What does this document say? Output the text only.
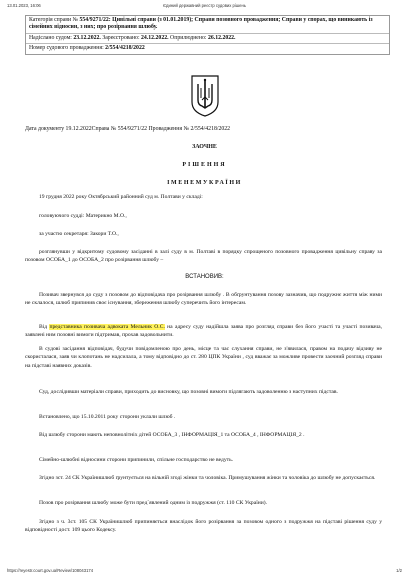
13.01.2023, 16:06	Єдиний державний реєстр судових рішень
Категорія справи № 554/9271/22: Цивільні справи (з 01.01.2019); Справи позовного провадження; Справи у спорах, що виникають із сімейних відносин, з них; про розірвання шлюбу.
Надіслано судом: 23.12.2022. Зареєстровано: 24.12.2022. Оприлюднено: 26.12.2022.
Номер судового провадження: 2/554/4218/2022
Дата документу 19.12.2022Справа № 554/9271/22 Провадження № 2/554/4218/2022
ЗАОЧНЕ
РІШЕННЯ
ІМЕНЕМУКРАЇНИ
19 грудня 2022 року Октябрський районний суд м. Полтави у складі:
головуючого судді: Материкно М.О.,
за участю секретаря: Закори Т.О.,
розглянувши у відкритому судовому засіданні в залі суду в м. Полтаві в порядку спрощеного позовного провадження цивільну справу за позовом ОСОБА_1 до ОСОБА_2 про розірвання шлюбу –
ВСТАНОВИВ:
Позивач звернувся до суду з позовом до відповідача про розірвання шлюбу . В обґрунтування позову зазначив, що подружнє життя між ними не склалося, шлюб припинив своє існування, збереження шлюбу суперечить його інтересам.
Від представника позивача адвоката Мельник О.С. на адресу суду надійшла заява про розгляд справи без його участі та участі позивача, заявлені ним позовні вимоги підтримав, прохав задовольнити.
В судові засідання відповідач, будучи повідомленою про день, місце та час слухання справи, не з'явилася, правом на подачу відзиву не скористалася, заяв чи клопотань не надсилала, а тому відповідно до ст. 280 ЦПК України , суд вважає за можливе провести заочний розгляд справи на підставі наявних доказів.
Суд, дослідивши матеріали справи, приходить до висновку, що позовні вимоги підлягають задоволенню з наступних підстав.
Встановлено, що 15.10.2011 року сторони уклали шлюб .
Від шлюбу сторони мають неповнолітніх дітей ОСОБА_3 , ІНФОРМАЦІЯ_1 та ОСОБА_4 , ІНФОРМАЦІЯ_2 .
Сімейно-шлюбні відносини сторони припинили, спільне господарство не ведуть.
Згідно зст. 24 СК Українишлюб ґрунтується на вільній згоді жінки та чоловіка. Примушування жінки та чоловіка до шлюбу не допускається.
Позов про розірвання шлюбу може бути пред`явлений одним із подружжя (ст. 110 СК України).
Згідно з ч. 3ст. 105 СК Українишлюб припиняється внаслідок його розірвання за позовом одного з подружжя на підставі рішення суду у відповідності дост. 109 цього Кодексу.
https://reyestr.court.gov.ua/Review/108043174	1/2
